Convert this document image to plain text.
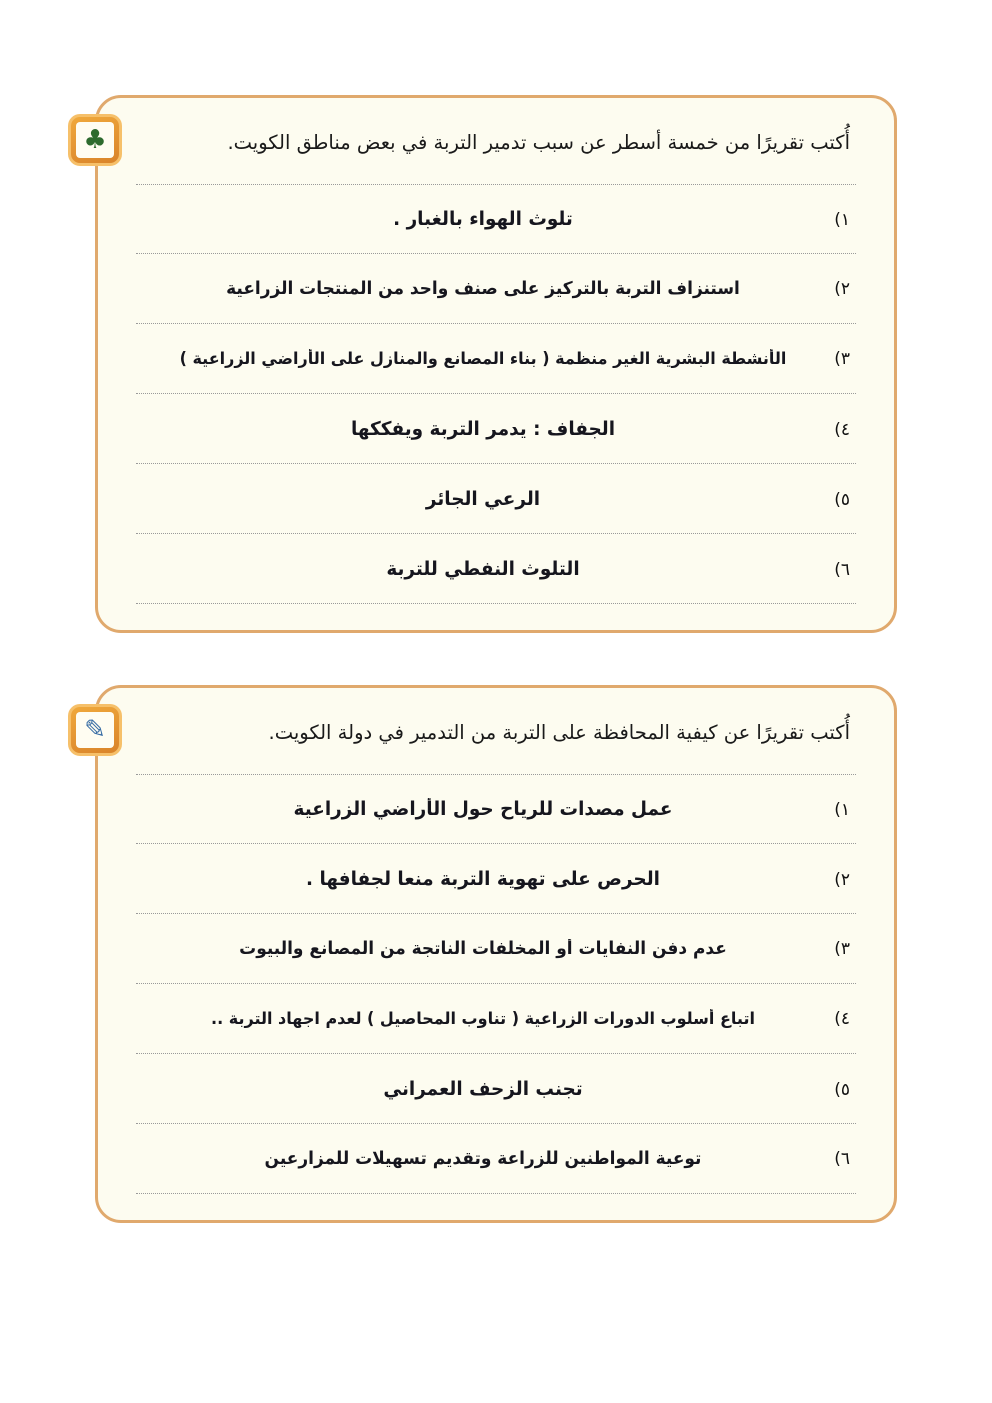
أُكتب تقريرًا من خمسة أسطر عن سبب تدمير التربة في بعض مناطق الكويت.
♣
١)
تلوث الهواء بالغبار .
٢)
استنزاف التربة بالتركيز على صنف واحد من المنتجات الزراعية
٣)
الأنشطة البشرية الغير منظمة ( بناء المصانع والمنازل على الأراضي الزراعية )
٤)
الجفاف : يدمر التربة ويفككها
٥)
الرعي الجائر
٦)
التلوث النفطي للتربة
أُكتب تقريرًا عن كيفية المحافظة على التربة من التدمير في دولة الكويت.
✎
١)
عمل مصدات للرياح حول الأراضي الزراعية
٢)
الحرص على تهوية التربة منعا لجفافها .
٣)
عدم دفن النفايات أو المخلفات الناتجة من المصانع والبيوت
٤)
اتباع أسلوب الدورات الزراعية ( تناوب المحاصيل ) لعدم اجهاد التربة ..
٥)
تجنب الزحف العمراني
٦)
توعية المواطنين للزراعة وتقديم تسهيلات للمزارعين
